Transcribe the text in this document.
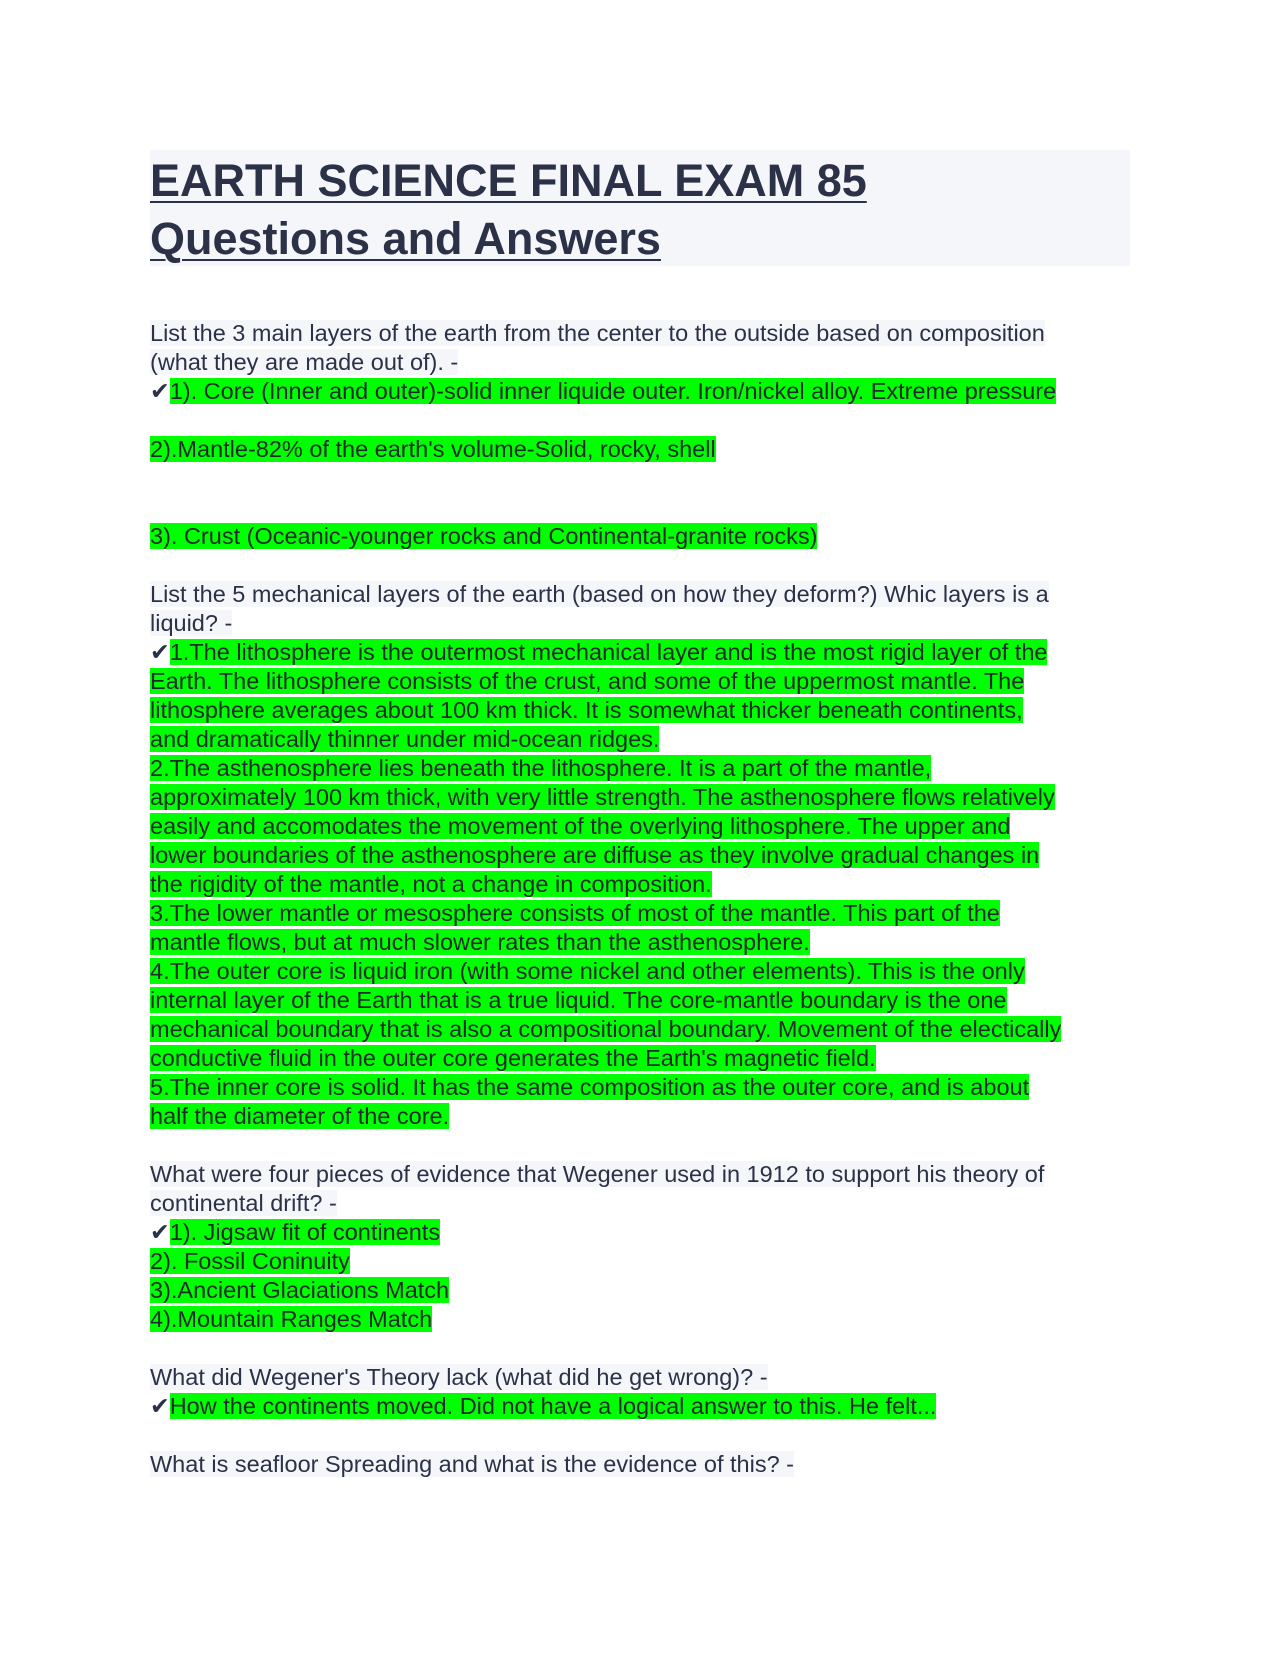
EARTH SCIENCE FINAL EXAM 85
Questions and Answers
List the 3 main layers of the earth from the center to the outside based on composition
(what they are made out of). -
✔1). Core (Inner and outer)-solid inner liquide outer. Iron/nickel alloy. Extreme pressure
2).Mantle-82% of the earth's volume-Solid, rocky, shell
3). Crust (Oceanic-younger rocks and Continental-granite rocks)
List the 5 mechanical layers of the earth (based on how they deform?) Whic layers is a
liquid? -
✔1.The lithosphere is the outermost mechanical layer and is the most rigid layer of the
Earth. The lithosphere consists of the crust, and some of the uppermost mantle. The
lithosphere averages about 100 km thick. It is somewhat thicker beneath continents,
and dramatically thinner under mid-ocean ridges.
2.The asthenosphere lies beneath the lithosphere. It is a part of the mantle,
approximately 100 km thick, with very little strength. The asthenosphere flows relatively
easily and accomodates the movement of the overlying lithosphere. The upper and
lower boundaries of the asthenosphere are diffuse as they involve gradual changes in
the rigidity of the mantle, not a change in composition.
3.The lower mantle or mesosphere consists of most of the mantle. This part of the
mantle flows, but at much slower rates than the asthenosphere.
4.The outer core is liquid iron (with some nickel and other elements). This is the only
internal layer of the Earth that is a true liquid. The core-mantle boundary is the one
mechanical boundary that is also a compositional boundary. Movement of the electically
conductive fluid in the outer core generates the Earth's magnetic field.
5.The inner core is solid. It has the same composition as the outer core, and is about
half the diameter of the core.
What were four pieces of evidence that Wegener used in 1912 to support his theory of
continental drift? -
✔1). Jigsaw fit of continents
2). Fossil Coninuity
3).Ancient Glaciations Match
4).Mountain Ranges Match
What did Wegener's Theory lack (what did he get wrong)? -
✔How the continents moved. Did not have a logical answer to this. He felt...
What is seafloor Spreading and what is the evidence of this? -
